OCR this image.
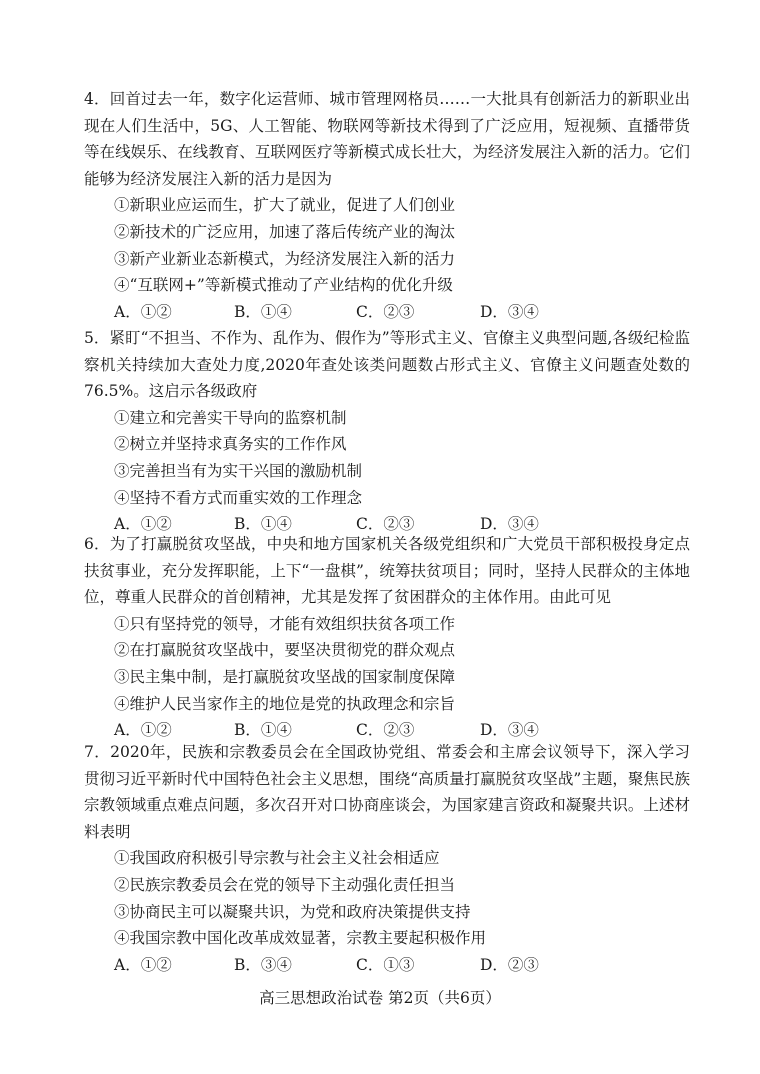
4．回首过去一年，数字化运营师、城市管理网格员……一大批具有创新活力的新职业出现在人们生活中，5G、人工智能、物联网等新技术得到了广泛应用，短视频、直播带货等在线娱乐、在线教育、互联网医疗等新模式成长壮大，为经济发展注入新的活力。它们能够为经济发展注入新的活力是因为

①新职业应运而生，扩大了就业，促进了人们创业

②新技术的广泛应用，加速了落后传统产业的淘汰

③新产业新业态新模式，为经济发展注入新的活力

④“互联网+”等新模式推动了产业结构的优化升级

A．①②	B．①④	C．②③	D．③④

5．紧盯“不担当、不作为、乱作为、假作为”等形式主义、官僚主义典型问题,各级纪检监察机关持续加大查处力度,2020年查处该类问题数占形式主义、官僚主义问题查处数的76.5%。这启示各级政府

①建立和完善实干导向的监察机制

②树立并坚持求真务实的工作作风

③完善担当有为实干兴国的激励机制

④坚持不看方式而重实效的工作理念

A．①②	B．①④	C．②③	D．③④

6．为了打赢脱贫攻坚战，中央和地方国家机关各级党组织和广大党员干部积极投身定点扶贫事业，充分发挥职能，上下“一盘棋”，统筹扶贫项目；同时，坚持人民群众的主体地位，尊重人民群众的首创精神，尤其是发挥了贫困群众的主体作用。由此可见

①只有坚持党的领导，才能有效组织扶贫各项工作

②在打赢脱贫攻坚战中，要坚决贯彻党的群众观点

③民主集中制，是打赢脱贫攻坚战的国家制度保障

④维护人民当家作主的地位是党的执政理念和宗旨

A．①②	B．①④	C．②③	D．③④

7．2020年，民族和宗教委员会在全国政协党组、常委会和主席会议领导下，深入学习贯彻习近平新时代中国特色社会主义思想，围绕“高质量打赢脱贫攻坚战”主题，聚焦民族宗教领域重点难点问题，多次召开对口协商座谈会，为国家建言资政和凝聚共识。上述材料表明

①我国政府积极引导宗教与社会主义社会相适应

②民族宗教委员会在党的领导下主动强化责任担当

③协商民主可以凝聚共识，为党和政府决策提供支持

④我国宗教中国化改革成效显著，宗教主要起积极作用

A．①②	B．③④	C．①③	D．②③
高三思想政治试卷 第2页（共6页）
